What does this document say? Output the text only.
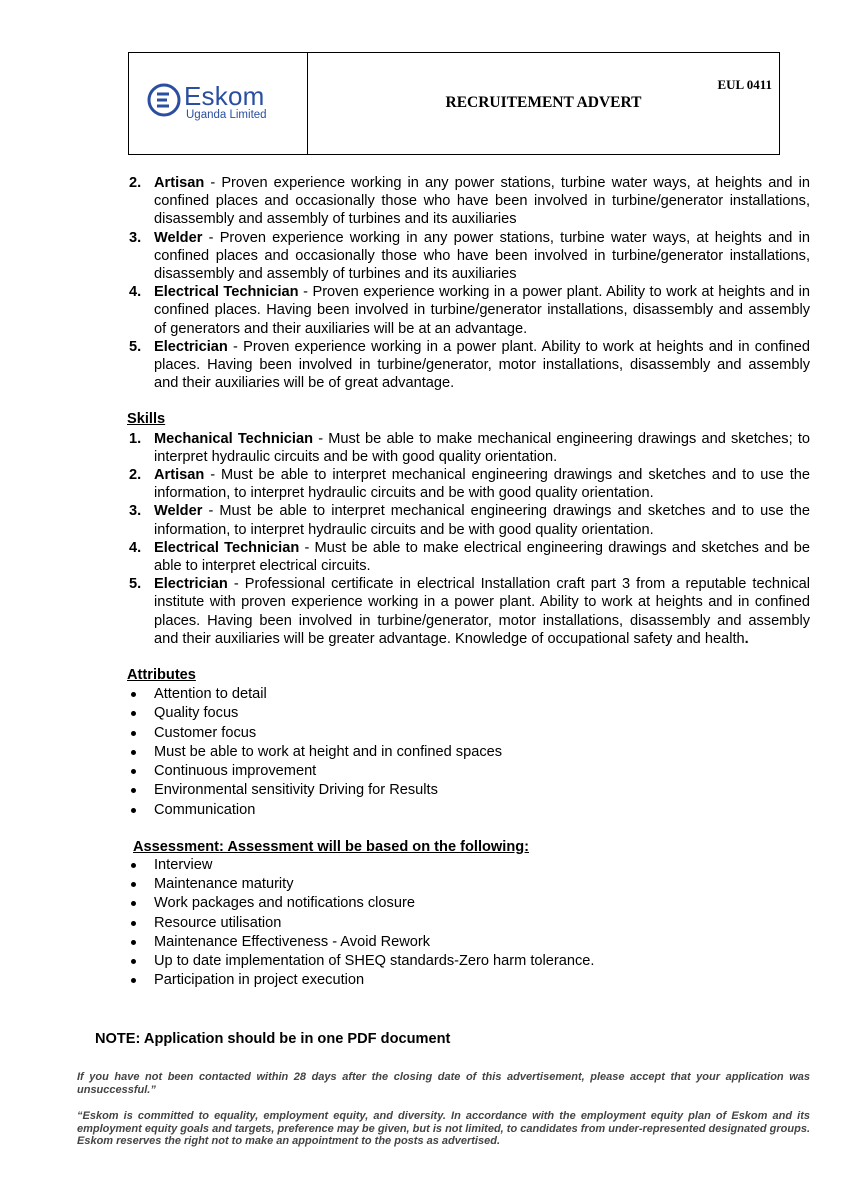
Eskom
Uganda Limited
EUL 0411
RECRUITEMENT ADVERT
2. Artisan - Proven experience working in any power stations, turbine water ways, at heights and in confined places and occasionally those who have been involved in turbine/generator installations, disassembly and assembly of turbines and its auxiliaries
3. Welder - Proven experience working in any power stations, turbine water ways, at heights and in confined places and occasionally those who have been involved in turbine/generator installations, disassembly and assembly of turbines and its auxiliaries
4. Electrical Technician - Proven experience working in a power plant. Ability to work at heights and in confined places. Having been involved in turbine/generator installations, disassembly and assembly of generators and their auxiliaries will be at an advantage.
5. Electrician - Proven experience working in a power plant. Ability to work at heights and in confined places. Having been involved in turbine/generator, motor installations, disassembly and assembly and their auxiliaries will be of great advantage.
Skills
1. Mechanical Technician - Must be able to make mechanical engineering drawings and sketches; to interpret hydraulic circuits and be with good quality orientation.
2. Artisan - Must be able to interpret mechanical engineering drawings and sketches and to use the information, to interpret hydraulic circuits and be with good quality orientation.
3. Welder - Must be able to interpret mechanical engineering drawings and sketches and to use the information, to interpret hydraulic circuits and be with good quality orientation.
4. Electrical Technician - Must be able to make electrical engineering drawings and sketches and be able to interpret electrical circuits.
5. Electrician - Professional certificate in electrical Installation craft part 3 from a reputable technical institute with proven experience working in a power plant. Ability to work at heights and in confined places. Having been involved in turbine/generator, motor installations, disassembly and assembly and their auxiliaries will be greater advantage. Knowledge of occupational safety and health.
Attributes
Attention to detail
Quality focus
Customer focus
Must be able to work at height and in confined spaces
Continuous improvement
Environmental sensitivity Driving for Results
Communication
Assessment: Assessment will be based on the following:
Interview
Maintenance maturity
Work packages and notifications closure
Resource utilisation
Maintenance Effectiveness - Avoid Rework
Up to date implementation of SHEQ standards-Zero harm tolerance.
Participation in project execution
NOTE: Application should be in one PDF document
If you have not been contacted within 28 days after the closing date of this advertisement, please accept that your application was unsuccessful.”
“Eskom is committed to equality, employment equity, and diversity. In accordance with the employment equity plan of Eskom and its employment equity goals and targets, preference may be given, but is not limited, to candidates from under-represented designated groups. Eskom reserves the right not to make an appointment to the posts as advertised.
